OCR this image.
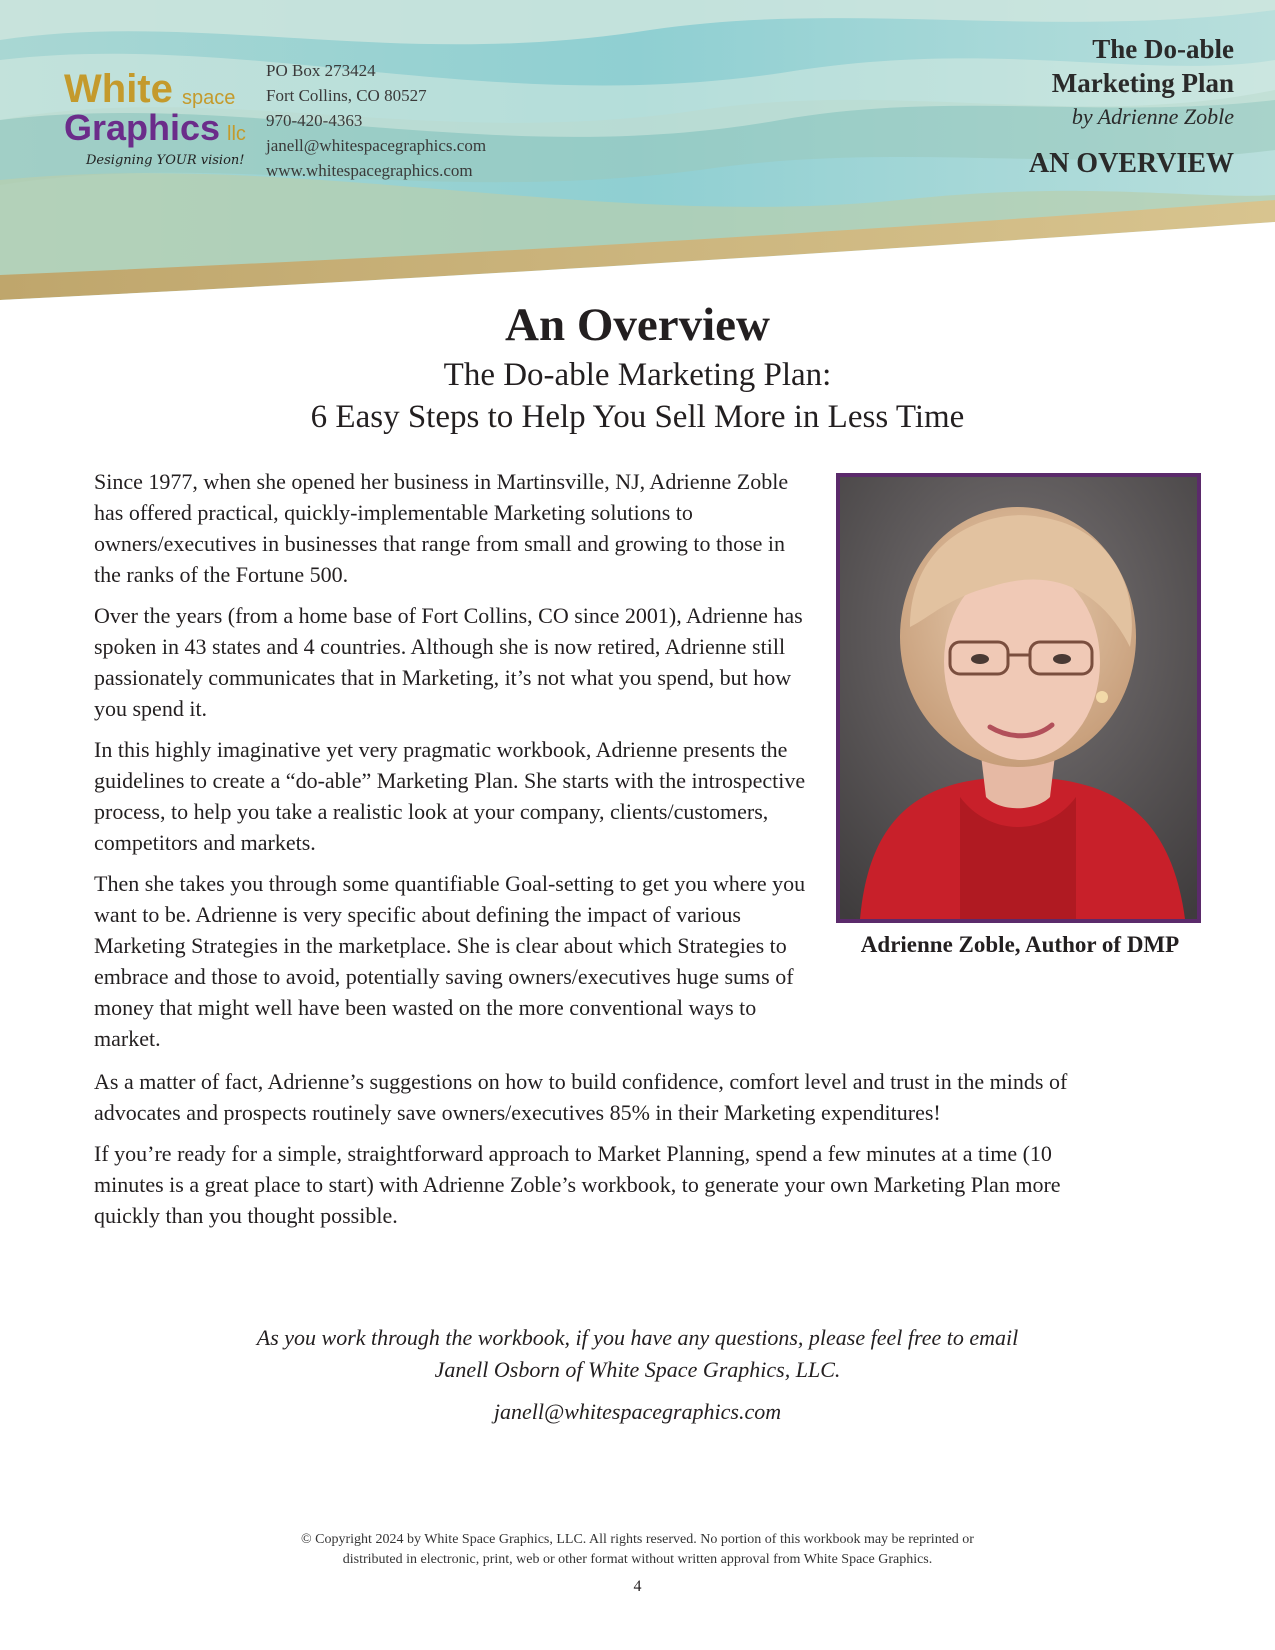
White space
Graphics llc
Designing YOUR vision!
PO Box 273424
Fort Collins, CO 80527
970-420-4363
janell@whitespacegraphics.com
www.whitespacegraphics.com
The Do-able
Marketing Plan
by Adrienne Zoble
AN OVERVIEW
An Overview
The Do-able Marketing Plan:
6 Easy Steps to Help You Sell More in Less Time

Since 1977, when she opened her business in Martinsville, NJ, Adrienne Zoble has offered practical, quickly-implementable Marketing solutions to owners/executives in businesses that range from small and growing to those in the ranks of the Fortune 500.

Over the years (from a home base of Fort Collins, CO since 2001), Adrienne has spoken in 43 states and 4 countries. Although she is now retired, Adrienne still passionately communicates that in Marketing, it’s not what you spend, but how you spend it.

In this highly imaginative yet very pragmatic workbook, Adrienne presents the guidelines to create a “do-able” Marketing Plan. She starts with the introspective process, to help you take a realistic look at your company, clients/customers, competitors and markets.

Then she takes you through some quantifiable Goal-setting to get you where you want to be. Adrienne is very specific about defining the impact of various Marketing Strategies in the marketplace. She is clear about which Strategies to embrace and those to avoid, potentially saving owners/executives huge sums of money that might well have been wasted on the more conventional ways to market.

Adrienne Zoble, Author of DMP

As a matter of fact, Adrienne’s suggestions on how to build confidence, comfort level and trust in the minds of advocates and prospects routinely save owners/executives 85% in their Marketing expenditures!

If you’re ready for a simple, straightforward approach to Market Planning, spend a few minutes at a time (10 minutes is a great place to start) with Adrienne Zoble’s workbook, to generate your own Marketing Plan more quickly than you thought possible.

As you work through the workbook, if you have any questions, please feel free to email
Janell Osborn of White Space Graphics, LLC.
janell@whitespacegraphics.com
© Copyright 2024 by White Space Graphics, LLC. All rights reserved. No portion of this workbook may be reprinted or
distributed in electronic, print, web or other format without written approval from White Space Graphics.
4
